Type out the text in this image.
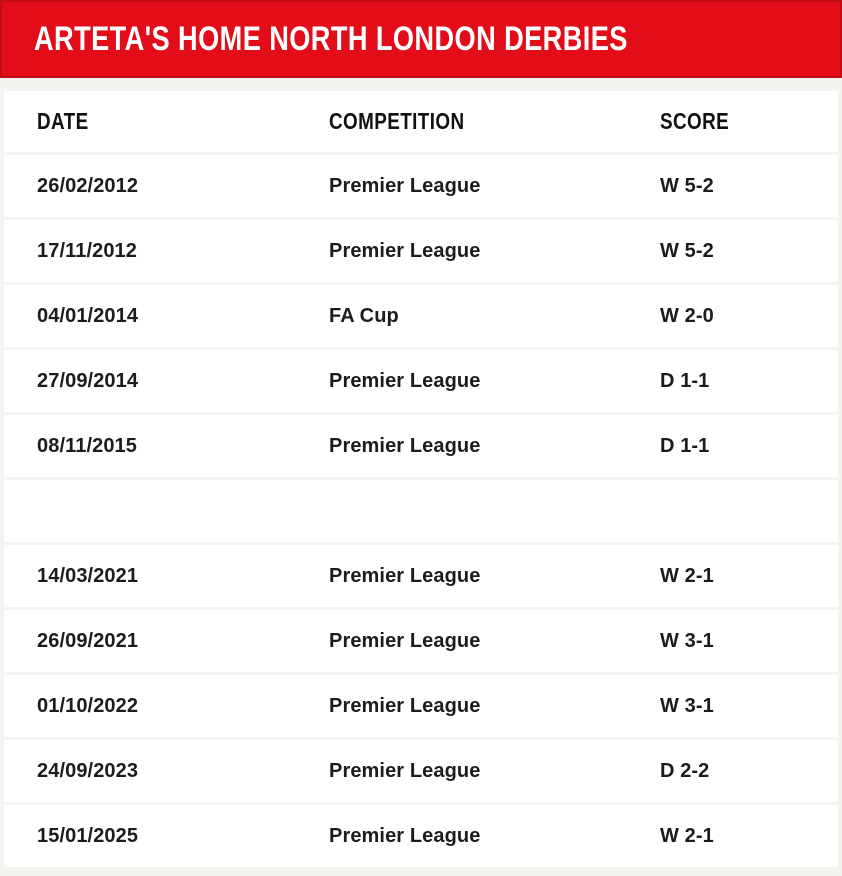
ARTETA'S HOME NORTH LONDON DERBIES
DATE	COMPETITION	SCORE
26/02/2012	Premier League	W 5-2
17/11/2012	Premier League	W 5-2
04/01/2014	FA Cup	W 2-0
27/09/2014	Premier League	D 1-1
08/11/2015	Premier League	D 1-1
14/03/2021	Premier League	W 2-1
26/09/2021	Premier League	W 3-1
01/10/2022	Premier League	W 3-1
24/09/2023	Premier League	D 2-2
15/01/2025	Premier League	W 2-1
